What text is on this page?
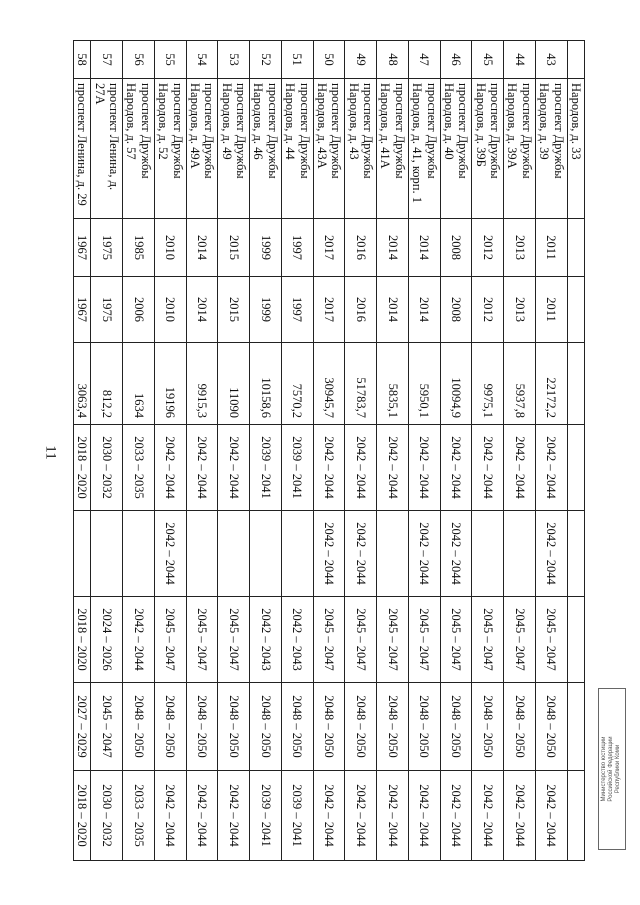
11
	Народов, д. 33								
43	проспект Дружбы Народов, д. 39	2011	2011	22172,2	2042 – 2044	2042 – 2044	2045 – 2047	2048 – 2050	2042 – 2044
44	проспект Дружбы Народов, д. 39А	2013	2013	5937,8	2042 – 2044		2045 – 2047	2048 – 2050	2042 – 2044
45	проспект Дружбы Народов, д. 39Б	2012	2012	9975,1	2042 – 2044		2045 – 2047	2048 – 2050	2042 – 2044
46	проспект Дружбы Народов, д. 40	2008	2008	10094,9	2042 – 2044	2042 – 2044	2045 – 2047	2048 – 2050	2042 – 2044
47	проспект Дружбы Народов, д. 41, корп. 1	2014	2014	5950,1	2042 – 2044	2042 – 2044	2045 – 2047	2048 – 2050	2042 – 2044
48	проспект Дружбы Народов, д. 41А	2014	2014	5835,1	2042 – 2044		2045 – 2047	2048 – 2050	2042 – 2044
49	проспект Дружбы Народов, д. 43	2016	2016	51783,7	2042 – 2044	2042 – 2044	2045 – 2047	2048 – 2050	2042 – 2044
50	проспект Дружбы Народов, д. 43А	2017	2017	30945,7	2042 – 2044	2042 – 2044	2045 – 2047	2048 – 2050	2042 – 2044
51	проспект Дружбы Народов, д. 44	1997	1997	7570,2	2039 – 2041		2042 – 2043	2048 – 2050	2039 – 2041
52	проспект Дружбы Народов, д. 46	1999	1999	10158,6	2039 – 2041		2042 – 2043	2048 – 2050	2039 – 2041
53	проспект Дружбы Народов, д. 49	2015	2015	11090	2042 – 2044		2045 – 2047	2048 – 2050	2042 – 2044
54	проспект Дружбы Народов, д. 49А	2014	2014	9915,3	2042 – 2044		2045 – 2047	2048 – 2050	2042 – 2044
55	проспект Дружбы Народов, д. 52	2010	2010	19196	2042 – 2044	2042 – 2044	2045 – 2047	2048 – 2050	2042 – 2044
56	проспект Дружбы Народов, д. 57	1985	2006	1634	2033 – 2035		2042 – 2044	2048 – 2050	2033 – 2035
57	проспект Ленина, д. 27А	1975	1975	812,2	2030 – 2032		2024 – 2026	2045 – 2047	2030 – 2032
58	проспект Ленина, д. 29	1967	1967	3063,4	2018 – 2020		2018 – 2020	2027 – 2029	2018 – 2020
Министерство юстиции Российской Федерации Республики Коми
